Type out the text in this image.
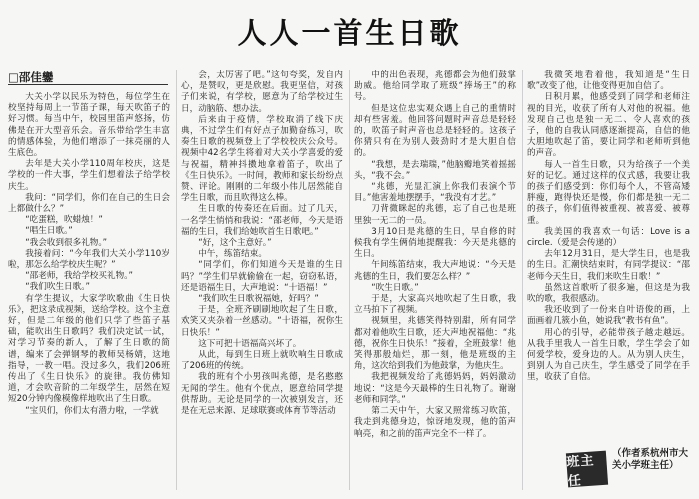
人人一首生日歌
□邵佳鑾

大关小学以民乐为特色，每位学生在校坚持每周上一节笛子课，每天吹笛子的好习惯。每当中午，校园里笛声悠扬，仿佛是在开大型音乐会。音乐带给学生丰富的情感体验，为他们增添了一抹亮丽的人生底色。

去年是大关小学110周年校庆，这是学校的一件大事，学生们想着法子给学校庆生。

我问：“同学们，你们在自己的生日会上都做什么？”

“吃蛋糕，吹蜡烛！”

“唱生日歌。”

“我会收到很多礼物。”

我接着问：“今年我们大关小学110岁啦，那怎么给学校庆生呢？”

“邵老师，我给学校买礼物。”

“我们吹生日歌。”

有学生提议，大家学吹歌曲《生日快乐》，把这录成视频，送给学校。这个主意好，但是二年级的他们只学了些笛子基础，能吹出生日歌吗？我们决定试一试，对学习节奏的新人，了解了生日歌的简谱，编来了会弹钢琴的教师吴杨婧，这地指导，一教一唱。没过多久，我们206班传出了《生日快乐》的旋律。我仿佛知道，才会吹音阶的二年级学生，居然在短短20分钟内像模像样地吹出了生日歌。

“宝贝们，你们太有潜力啦，一学就

会，太厉害了吧。”这句夸奖，发自内心，是赞叹，更是欣慰。我更坚信，对孩子们来说，有学校，愿意为了给学校过生日，动脑筋、想办法。

后来由于疫情，学校取消了线下庆典，不过学生们有好点子加勤奋练习，吹奏生日歌的视频登上了学校校庆公众号。视频中42名学生将着对大关小学喜爱的爱与祝福，精神抖擞地拿着笛子，吹出了《生日快乐》。一时间，教师和家长纷纷点赞、评论。刚刚的二年级小伟儿居然能自学生日歌，而且吹得这么棒。

生日歌的传奏还在后面。过了几天，一名学生悄悄和我说：“邵老师，今天是语福的生日，我们给她吹首生日歌吧。”

“好，这个主意好。”

中午，练笛结束。

“同学们，你们知道今天是谁的生日吗？”学生们早就偷偷在一起，窃窃私语，还是语福生日，大声地说：“十语福！”

“我们吹生日歌祝福她，好吗？”

于是，全班齐刷刷地吹起了生日歌，欢笑又夹杂着一丝感动。“十语福，祝你生日快乐！”

这下可把十语福高兴坏了。

从此，每到生日班上就吹响生日歌成了206班的传统。

我的班有个小男孩叫兆德，是名憨憨无闻的学生。他有个优点，愿意给同学提供帮助。无论是同学的一次被别发言，还是在无忌来源、足球联赛或体育节等活动

中的出色表现，兆德都会为他们鼓掌助威。他给同学取了班级“捧场王”的称号。

但是这位忠实观众遇上自己的重情时却有些害羞。他回答问题时声音总是轻轻的，吹笛子时声音也总是轻轻的。这孩子你猜只有在为别人鼓劲时才是大胆自信的。

“我想，是去瑞瑞，”他脑瓣地笑着摇摇头，“我不会。”

“兆德，光显汇演上你我们表演个节目。”他害羞地摆摆手，“我没有才艺。”

刀背微眯起的兆德，忘了自己也是班里独一无二的一员。

3月10日是兆德的生日，早自修的时候我有学生俩俏地提醒我：今天是兆德的生日。

午间练笛结束，我大声地说：“今天是兆德的生日，我们要怎么样？”

“吹生日歌。”

于是，大家高兴地吹起了生日歌，我立马拍下了视频。

视频里，兆德笑得特别甜，所有同学都对着他吹生日歌，还大声地祝福他：“兆德，祝你生日快乐！”接着，全班鼓掌！他笑得那般灿烂，那一刻，他是班级的主角，这次给到我们为他鼓掌，为他庆生。

我把视频发给了兆德妈妈，妈妈激动地说：“这是今天最棒的生日礼物了。谢谢老师和同学。”

第二天中午，大家又照常练习吹笛，我走到兆德身边，惊讶地发现，他的笛声响亮，和之前的笛声完全不一样了。

我微笑地看着他，我知道是“生日歌”改变了他，让他变得更加自信了。

日积月累，他感受到了同学和老师注视的目光，收获了所有人对他的祝福。他发现自己也是独一无二、令人喜欢的孩子，他的自我认同感逐渐提高，自信的他大胆地吹起了笛，要让同学和老师听到他的声音。

每人一首生日歌，只为给孩子一个美好的记忆。通过这样的仪式感，我要让我的孩子们感受到：你们每个人，不管高矮胖瘦，跑得快还是慢，你们都是独一无二的孩子，你们值得被重视、被喜爱、被尊重。

我美国的我喜欢一句话：Love is a circle.（爱是会传递的）

去年12月31日，是大学生日，也是我的生日。汇潮快结束时，有同学提议：“邵老师今天生日，我们来吹生日歌！”

虽然这首歌听了很多遍，但这是为我吹的歌，我很感动。

我还收到了一份来自叶语俊的画，上面画着几簇小鱼，她说我“教书有鱼”。

用心的引导，必能带孩子越走越远。从我手里我人一首生日歌，学生学会了如何爱学校，爱身边的人。从为别人庆生，到别人为自己庆生，学生感受了同学在手里，收获了自信。

班主任
（作者系杭州市大关小学班主任）
